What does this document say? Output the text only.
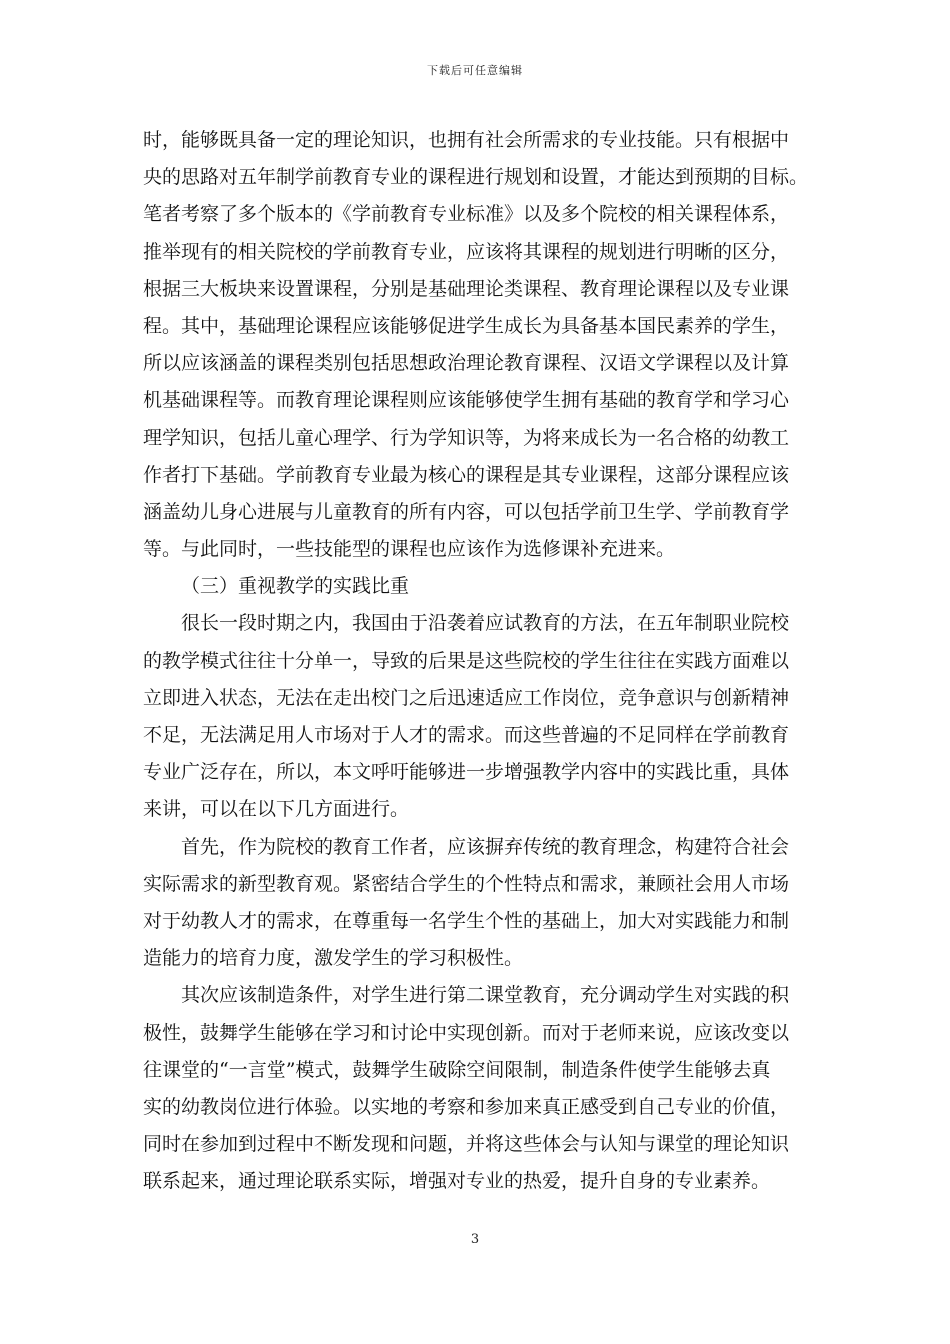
下载后可任意编辑
时，能够既具备一定的理论知识，也拥有社会所需求的专业技能。只有根据中
央的思路对五年制学前教育专业的课程进行规划和设置，才能达到预期的目标。
笔者考察了多个版本的《学前教育专业标准》以及多个院校的相关课程体系，
推举现有的相关院校的学前教育专业，应该将其课程的规划进行明晰的区分，
根据三大板块来设置课程，分别是基础理论类课程、教育理论课程以及专业课
程。其中，基础理论课程应该能够促进学生成长为具备基本国民素养的学生，
所以应该涵盖的课程类别包括思想政治理论教育课程、汉语文学课程以及计算
机基础课程等。而教育理论课程则应该能够使学生拥有基础的教育学和学习心
理学知识，包括儿童心理学、行为学知识等，为将来成长为一名合格的幼教工
作者打下基础。学前教育专业最为核心的课程是其专业课程，这部分课程应该
涵盖幼儿身心进展与儿童教育的所有内容，可以包括学前卫生学、学前教育学
等。与此同时，一些技能型的课程也应该作为选修课补充进来。
（三）重视教学的实践比重
很长一段时期之内，我国由于沿袭着应试教育的方法，在五年制职业院校
的教学模式往往十分单一，导致的后果是这些院校的学生往往在实践方面难以
立即进入状态，无法在走出校门之后迅速适应工作岗位，竞争意识与创新精神
不足，无法满足用人市场对于人才的需求。而这些普遍的不足同样在学前教育
专业广泛存在，所以，本文呼吁能够进一步增强教学内容中的实践比重，具体
来讲，可以在以下几方面进行。
首先，作为院校的教育工作者，应该摒弃传统的教育理念，构建符合社会
实际需求的新型教育观。紧密结合学生的个性特点和需求，兼顾社会用人市场
对于幼教人才的需求，在尊重每一名学生个性的基础上，加大对实践能力和制
造能力的培育力度，激发学生的学习积极性。
其次应该制造条件，对学生进行第二课堂教育，充分调动学生对实践的积
极性，鼓舞学生能够在学习和讨论中实现创新。而对于老师来说，应该改变以
往课堂的“一言堂”模式，鼓舞学生破除空间限制，制造条件使学生能够去真
实的幼教岗位进行体验。以实地的考察和参加来真正感受到自己专业的价值，
同时在参加到过程中不断发现和问题，并将这些体会与认知与课堂的理论知识
联系起来，通过理论联系实际，增强对专业的热爱，提升自身的专业素养。
3
